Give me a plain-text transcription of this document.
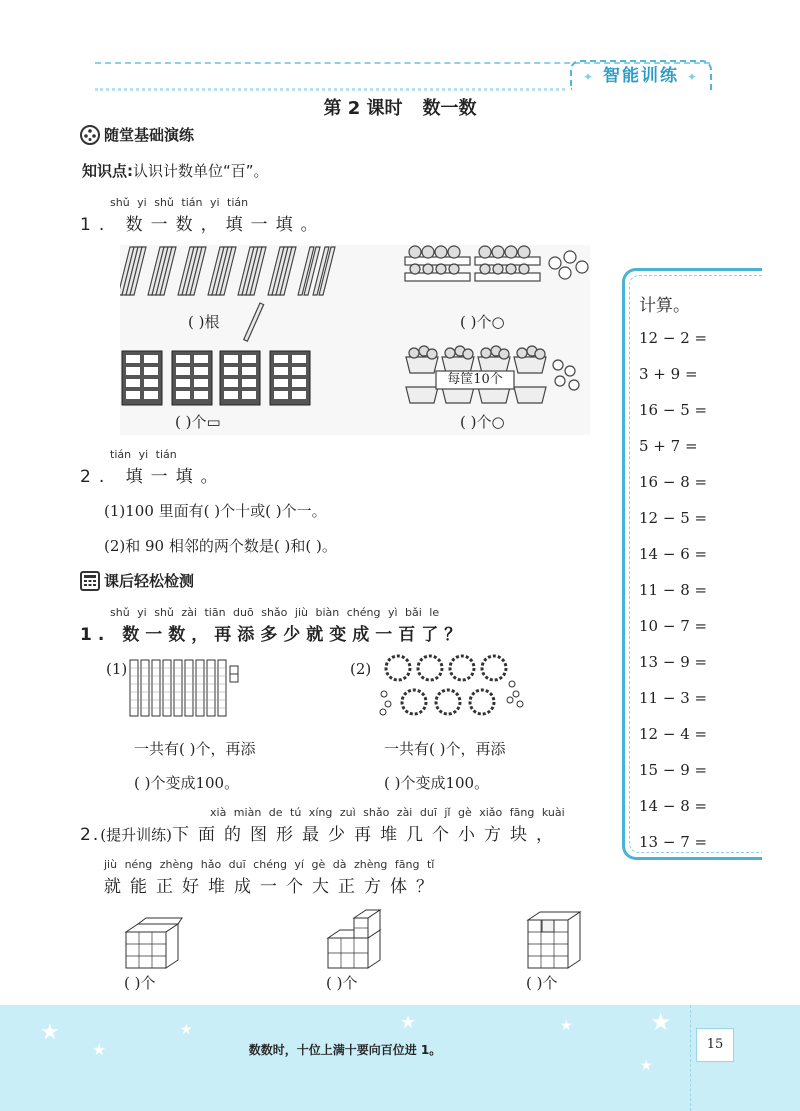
✦ 智能训练 ✦
第 2 课时 数一数
随堂基础演练
知识点:认识计数单位“百”。
shǔ yi shǔ tián yi tián
1. 数一数，填一填。
每筐10个
( )根	( )个○
( )个▭	( )个○
tián yi tián
2. 填一填。
(1)100 里面有( )个十或( )个一。
(2)和 90 相邻的两个数是( )和( )。
课后轻松检测
shǔ yi shǔ zài tiān duō shǎo jiù biàn chéng yì bǎi le
1. 数一数，再添多少就变成一百了？
(1)	(2)
一共有( )个，再添
( )个变成100。
一共有( )个，再添
( )个变成100。
xià miàn de tú xíng zuì shǎo zài duī jǐ gè xiǎo fāng kuài
2.(提升训练)下面的图形最少再堆几个小方块，
jiù néng zhèng hǎo duī chéng yí gè dà zhèng fāng tǐ
就能正好堆成一个大正方体？
( )个	( )个	( )个
计算。
12 − 2 =
3 + 9 =
16 − 5 =
5 + 7 =
16 − 8 =
12 − 5 =
14 − 6 =
11 − 8 =
10 − 7 =
13 − 9 =
11 − 3 =
12 − 4 =
15 − 9 =
14 − 8 =
13 − 7 =
★
★
★	★	★	★
★
数数时，十位上满十要向百位进 1。	15
